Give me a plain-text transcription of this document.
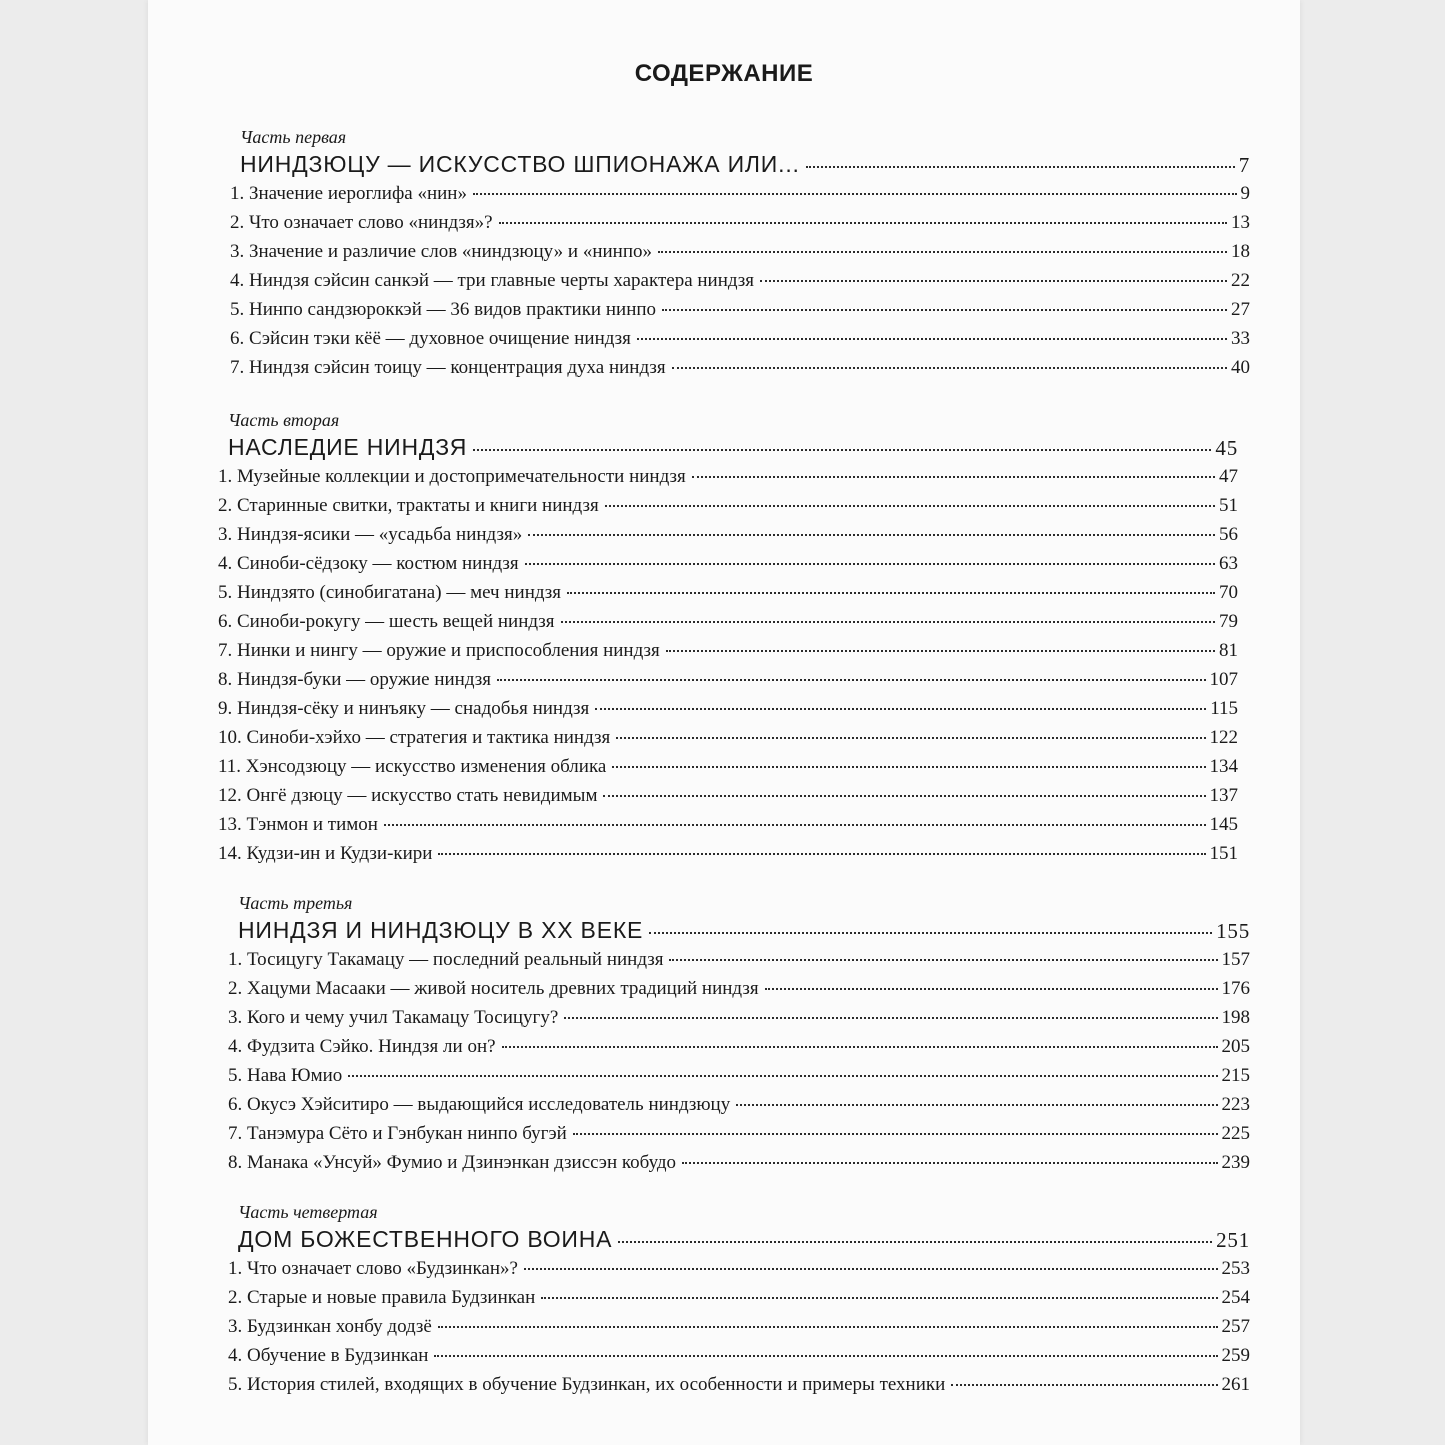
СОДЕРЖАНИЕ
Часть первая
НИНДЗЮЦУ — ИСКУССТВО ШПИОНАЖА ИЛИ...	7
1. Значение иероглифа «нин»	9
2. Что означает слово «ниндзя»?	13
3. Значение и различие слов «ниндзюцу» и «нинпо»	18
4. Ниндзя сэйсин санкэй — три главные черты характера ниндзя	22
5. Нинпо сандзюроккэй — 36 видов практики нинпо	27
6. Сэйсин тэки кёё — духовное очищение ниндзя	33
7. Ниндзя сэйсин тоицу — концентрация духа ниндзя	40
Часть вторая
НАСЛЕДИЕ НИНДЗЯ	45
1. Музейные коллекции и достопримечательности ниндзя	47
2. Старинные свитки, трактаты и книги ниндзя	51
3. Ниндзя-ясики — «усадьба ниндзя»	56
4. Синоби-сёдзоку — костюм ниндзя	63
5. Ниндзято (синобигатана) — меч ниндзя	70
6. Синоби-рокугу — шесть вещей ниндзя	79
7. Нинки и нингу — оружие и приспособления ниндзя	81
8. Ниндзя-буки — оружие ниндзя	107
9. Ниндзя-сёку и нинъяку — снадобья ниндзя	115
10. Синоби-хэйхо — стратегия и тактика ниндзя	122
11. Хэнсодзюцу — искусство изменения облика	134
12. Онгё дзюцу — искусство стать невидимым	137
13. Тэнмон и тимон	145
14. Кудзи-ин и Кудзи-кири	151
Часть третья
НИНДЗЯ И НИНДЗЮЦУ В XX ВЕКЕ	155
1. Тосицугу Такамацу — последний реальный ниндзя	157
2. Хацуми Масааки — живой носитель древних традиций ниндзя	176
3. Кого и чему учил Такамацу Тосицугу?	198
4. Фудзита Сэйко. Ниндзя ли он?	205
5. Нава Юмио	215
6. Окусэ Хэйситиро — выдающийся исследователь ниндзюцу	223
7. Танэмура Сёто и Гэнбукан нинпо бугэй	225
8. Манака «Унсуй» Фумио и Дзинэнкан дзиссэн кобудо	239
Часть четвертая
ДОМ БОЖЕСТВЕННОГО ВОИНА	251
1. Что означает слово «Будзинкан»?	253
2. Старые и новые правила Будзинкан	254
3. Будзинкан хонбу додзё	257
4. Обучение в Будзинкан	259
5. История стилей, входящих в обучение Будзинкан, их особенности и примеры техники	261
